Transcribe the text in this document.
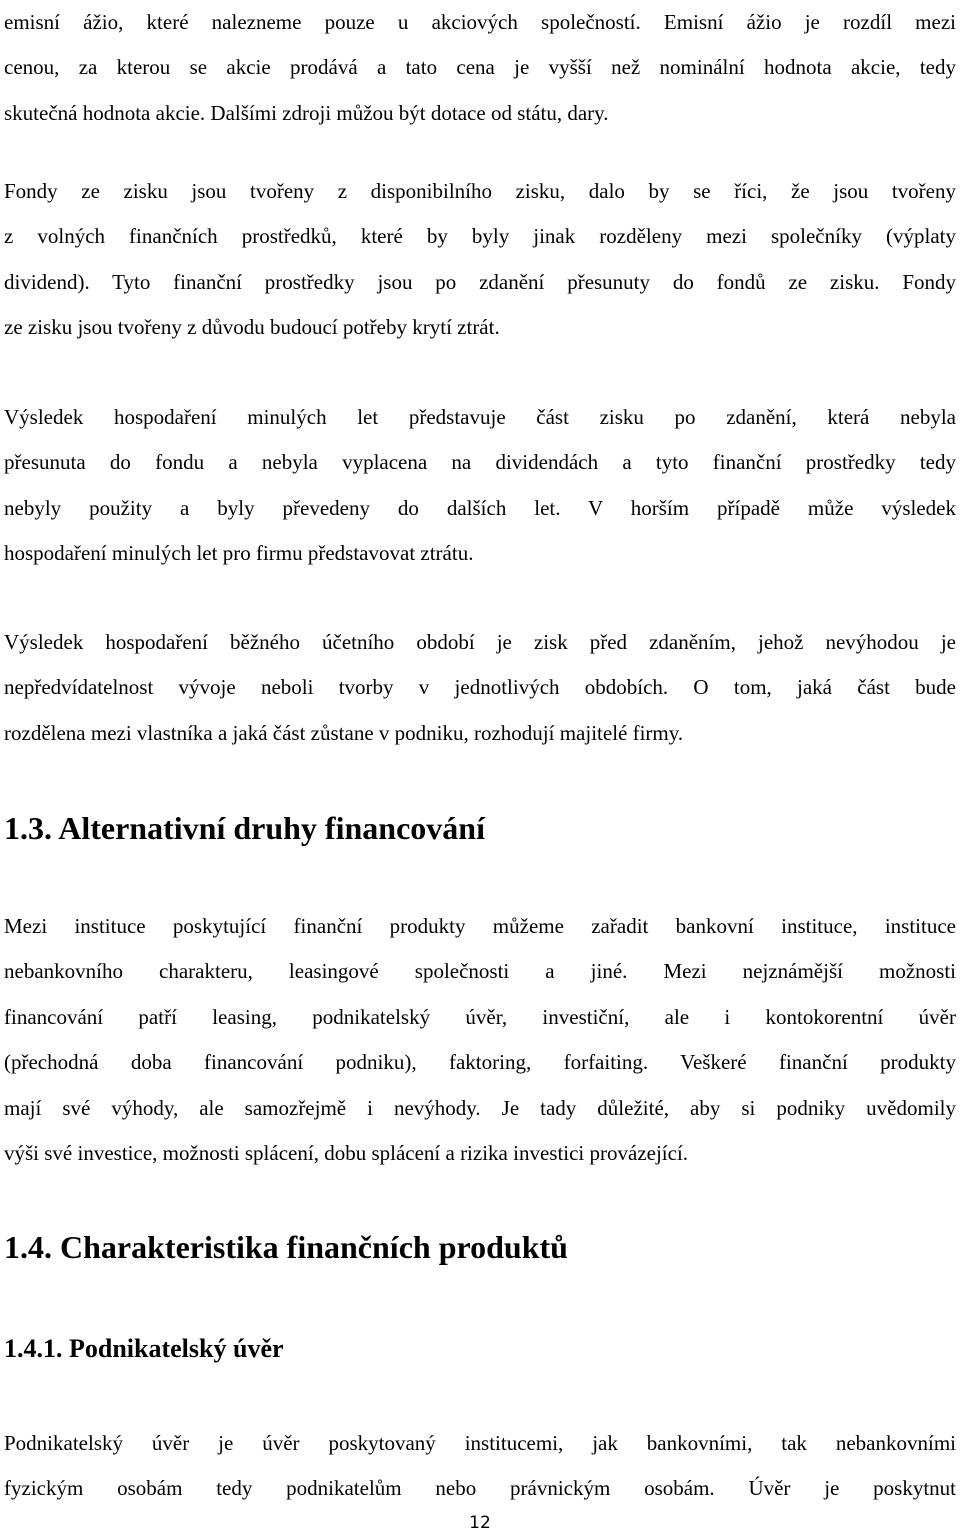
emisní ážio, které nalezneme pouze u akciových společností. Emisní ážio je rozdíl mezi
cenou, za kterou se akcie prodává a tato cena je vyšší než nominální hodnota akcie, tedy
skutečná hodnota akcie. Dalšími zdroji můžou být dotace od státu, dary.
Fondy ze zisku jsou tvořeny z disponibilního zisku, dalo by se říci, že jsou tvořeny
z volných finančních prostředků, které by byly jinak rozděleny mezi společníky (výplaty
dividend). Tyto finanční prostředky jsou po zdanění přesunuty do fondů ze zisku. Fondy
ze zisku jsou tvořeny z důvodu budoucí potřeby krytí ztrát.
Výsledek hospodaření minulých let představuje část zisku po zdanění, která nebyla
přesunuta do fondu a nebyla vyplacena na dividendách a tyto finanční prostředky tedy
nebyly použity a byly převedeny do dalších let. V horším případě může výsledek
hospodaření minulých let pro firmu představovat ztrátu.
Výsledek hospodaření běžného účetního období je zisk před zdaněním, jehož nevýhodou je
nepředvídatelnost vývoje neboli tvorby v jednotlivých obdobích. O tom, jaká část bude
rozdělena mezi vlastníka a jaká část zůstane v podniku, rozhodují majitelé firmy.
1.3. Alternativní druhy financování
Mezi instituce poskytující finanční produkty můžeme zařadit bankovní instituce, instituce
nebankovního charakteru, leasingové společnosti a jiné. Mezi nejznámější možnosti
financování patří leasing, podnikatelský úvěr, investiční, ale i kontokorentní úvěr
(přechodná doba financování podniku), faktoring, forfaiting. Veškeré finanční produkty
mají své výhody, ale samozřejmě i nevýhody. Je tady důležité, aby si podniky uvědomily
výši své investice, možnosti splácení, dobu splácení a rizika investici provázející.
1.4. Charakteristika finančních produktů
1.4.1. Podnikatelský úvěr
Podnikatelský úvěr je úvěr poskytovaný institucemi, jak bankovními, tak nebankovními
fyzickým osobám tedy podnikatelům nebo právnickým osobám. Úvěr je poskytnut
12
